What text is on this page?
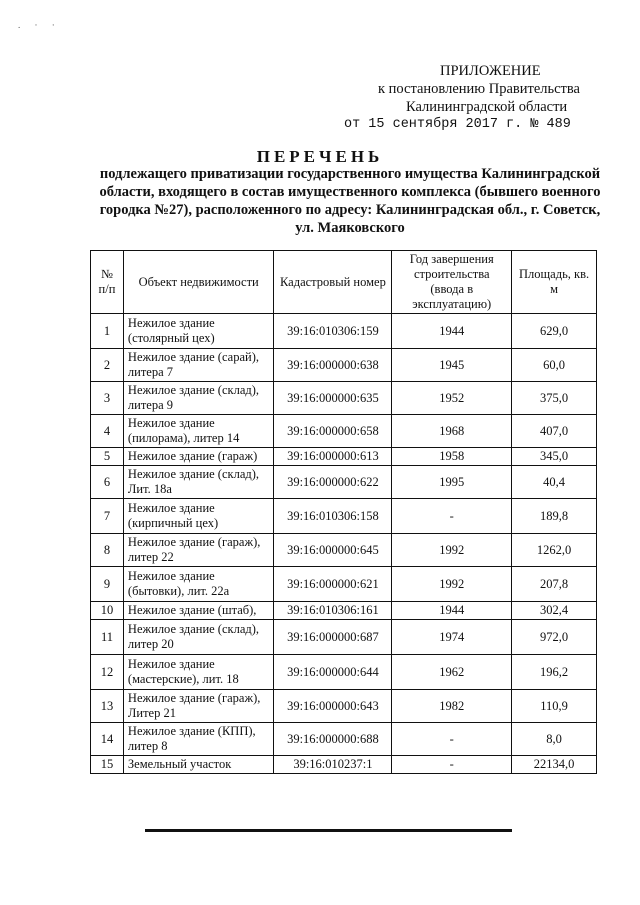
. · ·
ПРИЛОЖЕНИЕ
к постановлению Правительства
Калининградской области
от 15 сентября 2017 г. № 489
ПЕРЕЧЕНЬ
подлежащего приватизации государственного имущества Калининградской области, входящего в состав имущественного комплекса (бывшего военного городка №27), расположенного по адресу: Калининградская обл., г. Советск, ул. Маяковского
№ п/п	Объект недвижимости	Кадастровый номер	Год завершения строительства (ввода в эксплуатацию)	Площадь, кв. м
1	Нежилое здание (столярный цех)	39:16:010306:159	1944	629,0
2	Нежилое здание (сарай), литера 7	39:16:000000:638	1945	60,0
3	Нежилое здание (склад), литера 9	39:16:000000:635	1952	375,0
4	Нежилое здание (пилорама), литер 14	39:16:000000:658	1968	407,0
5	Нежилое здание (гараж)	39:16:000000:613	1958	345,0
6	Нежилое здание (склад), Лит. 18а	39:16:000000:622	1995	40,4
7	Нежилое здание (кирпичный цех)	39:16:010306:158	-	189,8
8	Нежилое здание (гараж), литер 22	39:16:000000:645	1992	1262,0
9	Нежилое здание (бытовки), лит. 22а	39:16:000000:621	1992	207,8
10	Нежилое здание (штаб),	39:16:010306:161	1944	302,4
11	Нежилое здание (склад), литер 20	39:16:000000:687	1974	972,0
12	Нежилое здание (мастерские), лит. 18	39:16:000000:644	1962	196,2
13	Нежилое здание (гараж), Литер 21	39:16:000000:643	1982	110,9
14	Нежилое здание (КПП), литер 8	39:16:000000:688	-	8,0
15	Земельный участок	39:16:010237:1	-	22134,0
